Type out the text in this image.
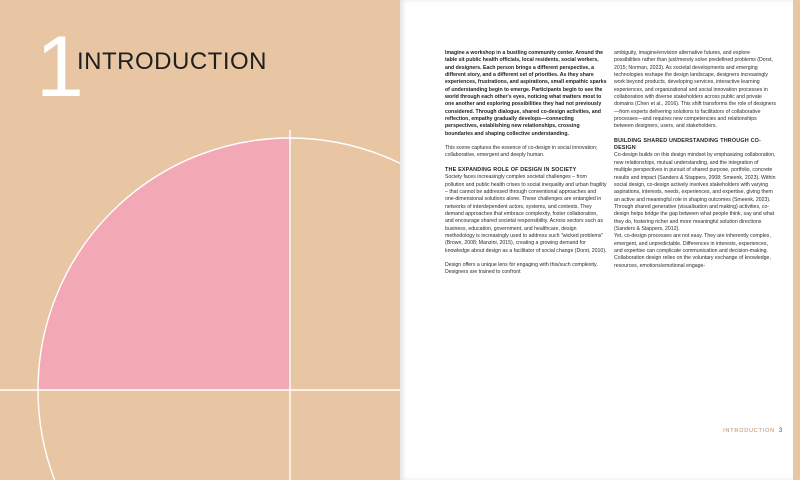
1
INTRODUCTION	Imagine a workshop in a bustling community center. Around the table sit public health officials, local residents, social workers, and designers. Each person brings a different perspective, a different story, and a different set of priorities. As they share experiences, frustrations, and aspirations, small empathic sparks of understanding begin to emerge. Participants begin to see the world through each other's eyes, noticing what matters most to one another and exploring possibilities they had not previously considered. Through dialogue, shared co-design activities, and reflection, empathy gradually develops—connecting perspectives, establishing new relationships, crossing boundaries and shaping collective understanding.

This scene captures the essence of co-design in social innovation; collaborative, emergent and deeply human.

THE EXPANDING ROLE OF DESIGN IN SOCIETY

Society faces increasingly complex societal challenges – from pollution and public health crises to social inequality and urban fragility – that cannot be addressed through conventional approaches and one-dimensional solutions alone. These challenges are entangled in networks of interdependent actors, systems, and contexts. They demand approaches that embrace complexity, foster collaboration, and encourage shared societal responsibility. Across sectors such as business, education, government, and healthcare, design methodology is increasingly used to address such "wicked problems" (Brown, 2008; Manzini, 2015), creating a growing demand for knowledge about design as a facilitator of social change (Dorst, 2010).

Design offers a unique lens for engaging with this/such complexity. Designers are trained to confront

ambiguity, imagine/envision alternative futures, and explore possibilities rather than just/merely solve predefined problems (Dorst, 2015; Norman, 2023). As societal developments and emerging technologies reshape the design landscape, designers increasingly work beyond products, developing services, interactive learning experiences, and organizational and social innovation processes in collaboration with diverse stakeholders across public and private domains (Chen et al., 2016). This shift transforms the role of designers—from experts delivering solutions to facilitators of collaborative processes—and requires new competencies and relationships between designers, users, and stakeholders.

BUILDING SHARED UNDERSTANDING THROUGH CO-DESIGN

Co-design builds on this design mindset by emphasizing collaboration, new relationships, mutual understanding, and the integration of multiple perspectives in pursuit of shared purpose, portfolio, concrete results and impact (Sanders & Stappers, 2008; Smeenk, 2023). Within social design, co-design actively involves stakeholders with varying aspirations, interests, needs, experiences, and expertise, giving them an active and meaningful role in shaping outcomes (Smeenk, 2023). Through shared generative (visualisation and making) activities, co-design helps bridge the gap between what people think, say and what they do, fostering richer and more meaningful solution directions (Sanders & Stappers, 2012).

Yet, co-design processes are not easy. They are inherently complex, emergent, and unpredictable. Differences in interests, experiences, and expertise can complicate communication and decision-making. Collaboration design relies on the voluntary exchange of knowledge, resources, emotions/emotional engage-

INTRODUCTION 3
